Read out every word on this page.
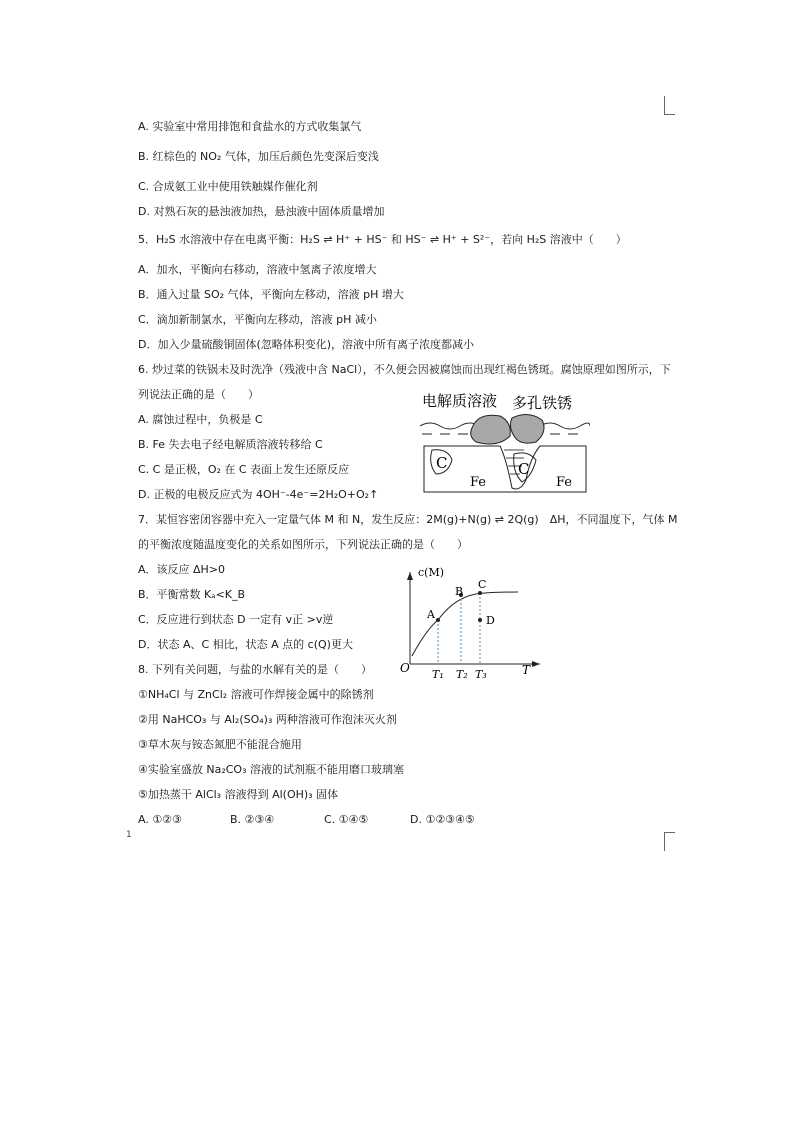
A. 实验室中常用排饱和食盐水的方式收集氯气
B. 红棕色的 NO₂ 气体，加压后颜色先变深后变浅
C. 合成氨工业中使用铁触媒作催化剂
D. 对熟石灰的悬浊液加热，悬浊液中固体质量增加
5．H₂S 水溶液中存在电离平衡：H₂S ⇌ H⁺ + HS⁻ 和 HS⁻ ⇌ H⁺ + S²⁻，若向 H₂S 溶液中（　　）
A．加水，平衡向右移动，溶液中氢离子浓度增大
B．通入过量 SO₂ 气体，平衡向左移动，溶液 pH 增大
C．滴加新制氯水，平衡向左移动，溶液 pH 减小
D．加入少量硫酸铜固体(忽略体积变化)，溶液中所有离子浓度都减小
6. 炒过菜的铁锅未及时洗净（残液中含 NaCl），不久便会因被腐蚀而出现红褐色锈斑。腐蚀原理如图所示，下
列说法正确的是（　　）
A. 腐蚀过程中，负极是 C
B. Fe 失去电子经电解质溶液转移给 C
C. C 是正极，O₂ 在 C 表面上发生还原反应
D. 正极的电极反应式为 4OH⁻-4e⁻=2H₂O+O₂↑
7．某恒容密闭容器中充入一定量气体 M 和 N，发生反应：2M(g)+N(g) ⇌ 2Q(g)　ΔH，不同温度下，气体 M
的平衡浓度随温度变化的关系如图所示，下列说法正确的是（　　）
A．该反应 ΔH>0
B．平衡常数 Kₐ<K_B
C．反应进行到状态 D 一定有 v正 >v逆
D．状态 A、C 相比，状态 A 点的 c(Q)更大
8. 下列有关问题，与盐的水解有关的是（　　）
①NH₄Cl 与 ZnCl₂ 溶液可作焊接金属中的除锈剂
②用 NaHCO₃ 与 Al₂(SO₄)₃ 两种溶液可作泡沫灭火剂
③草木灰与铵态氮肥不能混合施用
④实验室盛放 Na₂CO₃ 溶液的试剂瓶不能用磨口玻璃塞
⑤加热蒸干 AlCl₃ 溶液得到 Al(OH)₃ 固体
A. ①②③	B. ②③④	C. ①④⑤	D. ①②③④⑤
电解质溶液 多孔铁锈
C	C
Fe	Fe
c(M)
O	T
A
B
C
D
T₁ T₂ T₃
1
